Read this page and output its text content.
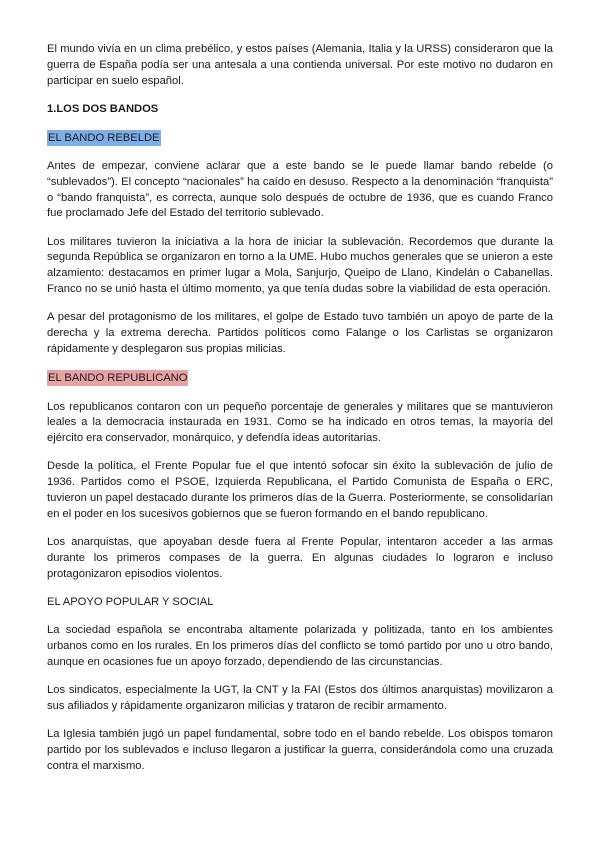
El mundo vivía en un clima prebélico, y estos países (Alemania, Italia y la URSS) consideraron que la guerra de España podía ser una antesala a una contienda universal. Por este motivo no dudaron en participar en suelo español.

1.LOS DOS BANDOS
EL BANDO REBELDE

Antes de empezar, conviene aclarar que a este bando se le puede llamar bando rebelde (o “sublevados”). El concepto “nacionales” ha caído en desuso. Respecto a la denominación “franquista” o “bando franquista”, es correcta, aunque solo después de octubre de 1936, que es cuando Franco fue proclamado Jefe del Estado del territorio sublevado.

Los militares tuvieron la iniciativa a la hora de iniciar la sublevación. Recordemos que durante la segunda República se organizaron en torno a la UME. Hubo muchos generales que se unieron a este alzamiento: destacamos en primer lugar a Mola, Sanjurjo, Queipo de Llano, Kindelán o Cabanellas. Franco no se unió hasta el último momento, ya que tenía dudas sobre la viabilidad de esta operación.

A pesar del protagonismo de los militares, el golpe de Estado tuvo también un apoyo de parte de la derecha y la extrema derecha. Partidos políticos como Falange o los Carlistas se organizaron rápidamente y desplegaron sus propias milicias.

EL BANDO REPUBLICANO

Los republicanos contaron con un pequeño porcentaje de generales y militares que se mantuvieron leales a la democracia instaurada en 1931. Como se ha indicado en otros temas, la mayoría del ejército era conservador, monárquico, y defendía ideas autoritarias.

Desde la política, el Frente Popular fue el que intentó sofocar sin éxito la sublevación de julio de 1936. Partidos como el PSOE, Izquierda Republicana, el Partido Comunista de España o ERC, tuvieron un papel destacado durante los primeros días de la Guerra. Posteriormente, se consolidarían en el poder en los sucesivos gobiernos que se fueron formando en el bando republicano.

Los anarquistas, que apoyaban desde fuera al Frente Popular, intentaron acceder a las armas durante los primeros compases de la guerra. En algunas ciudades lo lograron e incluso protagonizaron episodios violentos.

EL APOYO POPULAR Y SOCIAL

La sociedad española se encontraba altamente polarizada y politizada, tanto en los ambientes urbanos como en los rurales. En los primeros días del conflicto se tomó partido por uno u otro bando, aunque en ocasiones fue un apoyo forzado, dependiendo de las circunstancias.

Los sindicatos, especialmente la UGT, la CNT y la FAI (Estos dos últimos anarquistas) movilizaron a sus afiliados y rápidamente organizaron milicias y trataron de recibir armamento.

La Iglesia también jugó un papel fundamental, sobre todo en el bando rebelde. Los obispos tomaron partido por los sublevados e incluso llegaron a justificar la guerra, considerándola como una cruzada contra el marxismo.
